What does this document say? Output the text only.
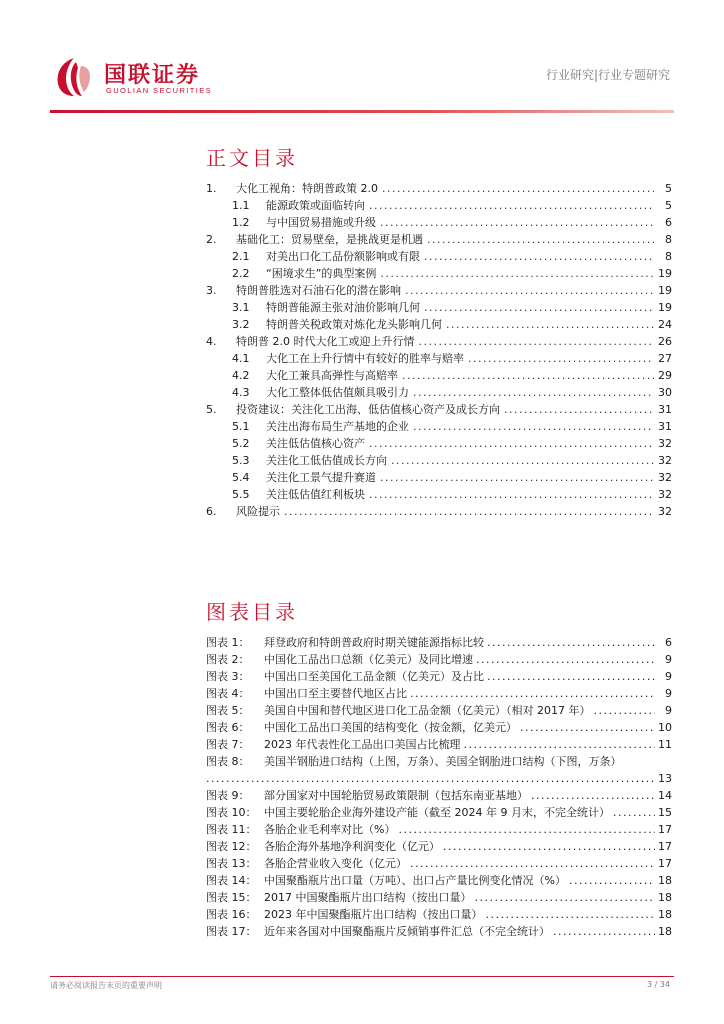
国联证券
GUOLIAN SECURITIES
行业研究|行业专题研究
正文目录
1.	大化工视角：特朗普政策 2.0 .....	5
1.1	能源政策或面临转向 .....	5
1.2	与中国贸易措施或升级 .....	6
2.	基础化工：贸易壁垒，是挑战更是机遇 .....	8
2.1	对美出口化工品份额影响或有限 .....	8
2.2	“困境求生”的典型案例 .....	19
3.	特朗普胜选对石油石化的潜在影响 .....	19
3.1	特朗普能源主张对油价影响几何 .....	19
3.2	特朗普关税政策对炼化龙头影响几何 .....	24
4.	特朗普 2.0 时代大化工或迎上升行情 .....	26
4.1	大化工在上升行情中有较好的胜率与赔率 .....	27
4.2	大化工兼具高弹性与高赔率 .....	29
4.3	大化工整体低估值颇具吸引力 .....	30
5.	投资建议：关注化工出海、低估值核心资产及成长方向 .....	31
5.1	关注出海布局生产基地的企业 .....	31
5.2	关注低估值核心资产 .....	32
5.3	关注化工低估值成长方向 .....	32
5.4	关注化工景气提升赛道 .....	32
5.5	关注低估值红利板块 .....	32
6.	风险提示 .....	32
图表目录
图表 1：	拜登政府和特朗普政府时期关键能源指标比较 .....	6
图表 2：	中国化工品出口总额（亿美元）及同比增速 .....	9
图表 3：	中国出口至美国化工品金额（亿美元）及占比 .....	9
图表 4：	中国出口至主要替代地区占比 .....	9
图表 5：	美国自中国和替代地区进口化工品金额（亿美元）（相对 2017 年） .....	9
图表 6：	中国化工品出口美国的结构变化（按金额，亿美元） .....	10
图表 7：	2023 年代表性化工品出口美国占比梳理 .....	11
图表 8：	美国半钢胎进口结构（上图，万条）、美国全钢胎进口结构（下图，万条）
.....
13
图表 9：	部分国家对中国轮胎贸易政策限制（包括东南亚基地） .....	14
图表 10： 中国主要轮胎企业海外建设产能（截至 2024 年 9 月末，不完全统计） .....	15
图表 11： 各胎企业毛利率对比（%） .....	17
图表 12： 各胎企海外基地净利润变化（亿元） .....	17
图表 13： 各胎企营业收入变化（亿元） .....	17
图表 14： 中国聚酯瓶片出口量（万吨）、出口占产量比例变化情况（%） .....	18
图表 15： 2017 中国聚酯瓶片出口结构（按出口量） .....	18
图表 16： 2023 年中国聚酯瓶片出口结构（按出口量） .....	18
图表 17： 近年来各国对中国聚酯瓶片反倾销事件汇总（不完全统计） .....	18
请务必阅读报告末页的重要声明	3 / 34
